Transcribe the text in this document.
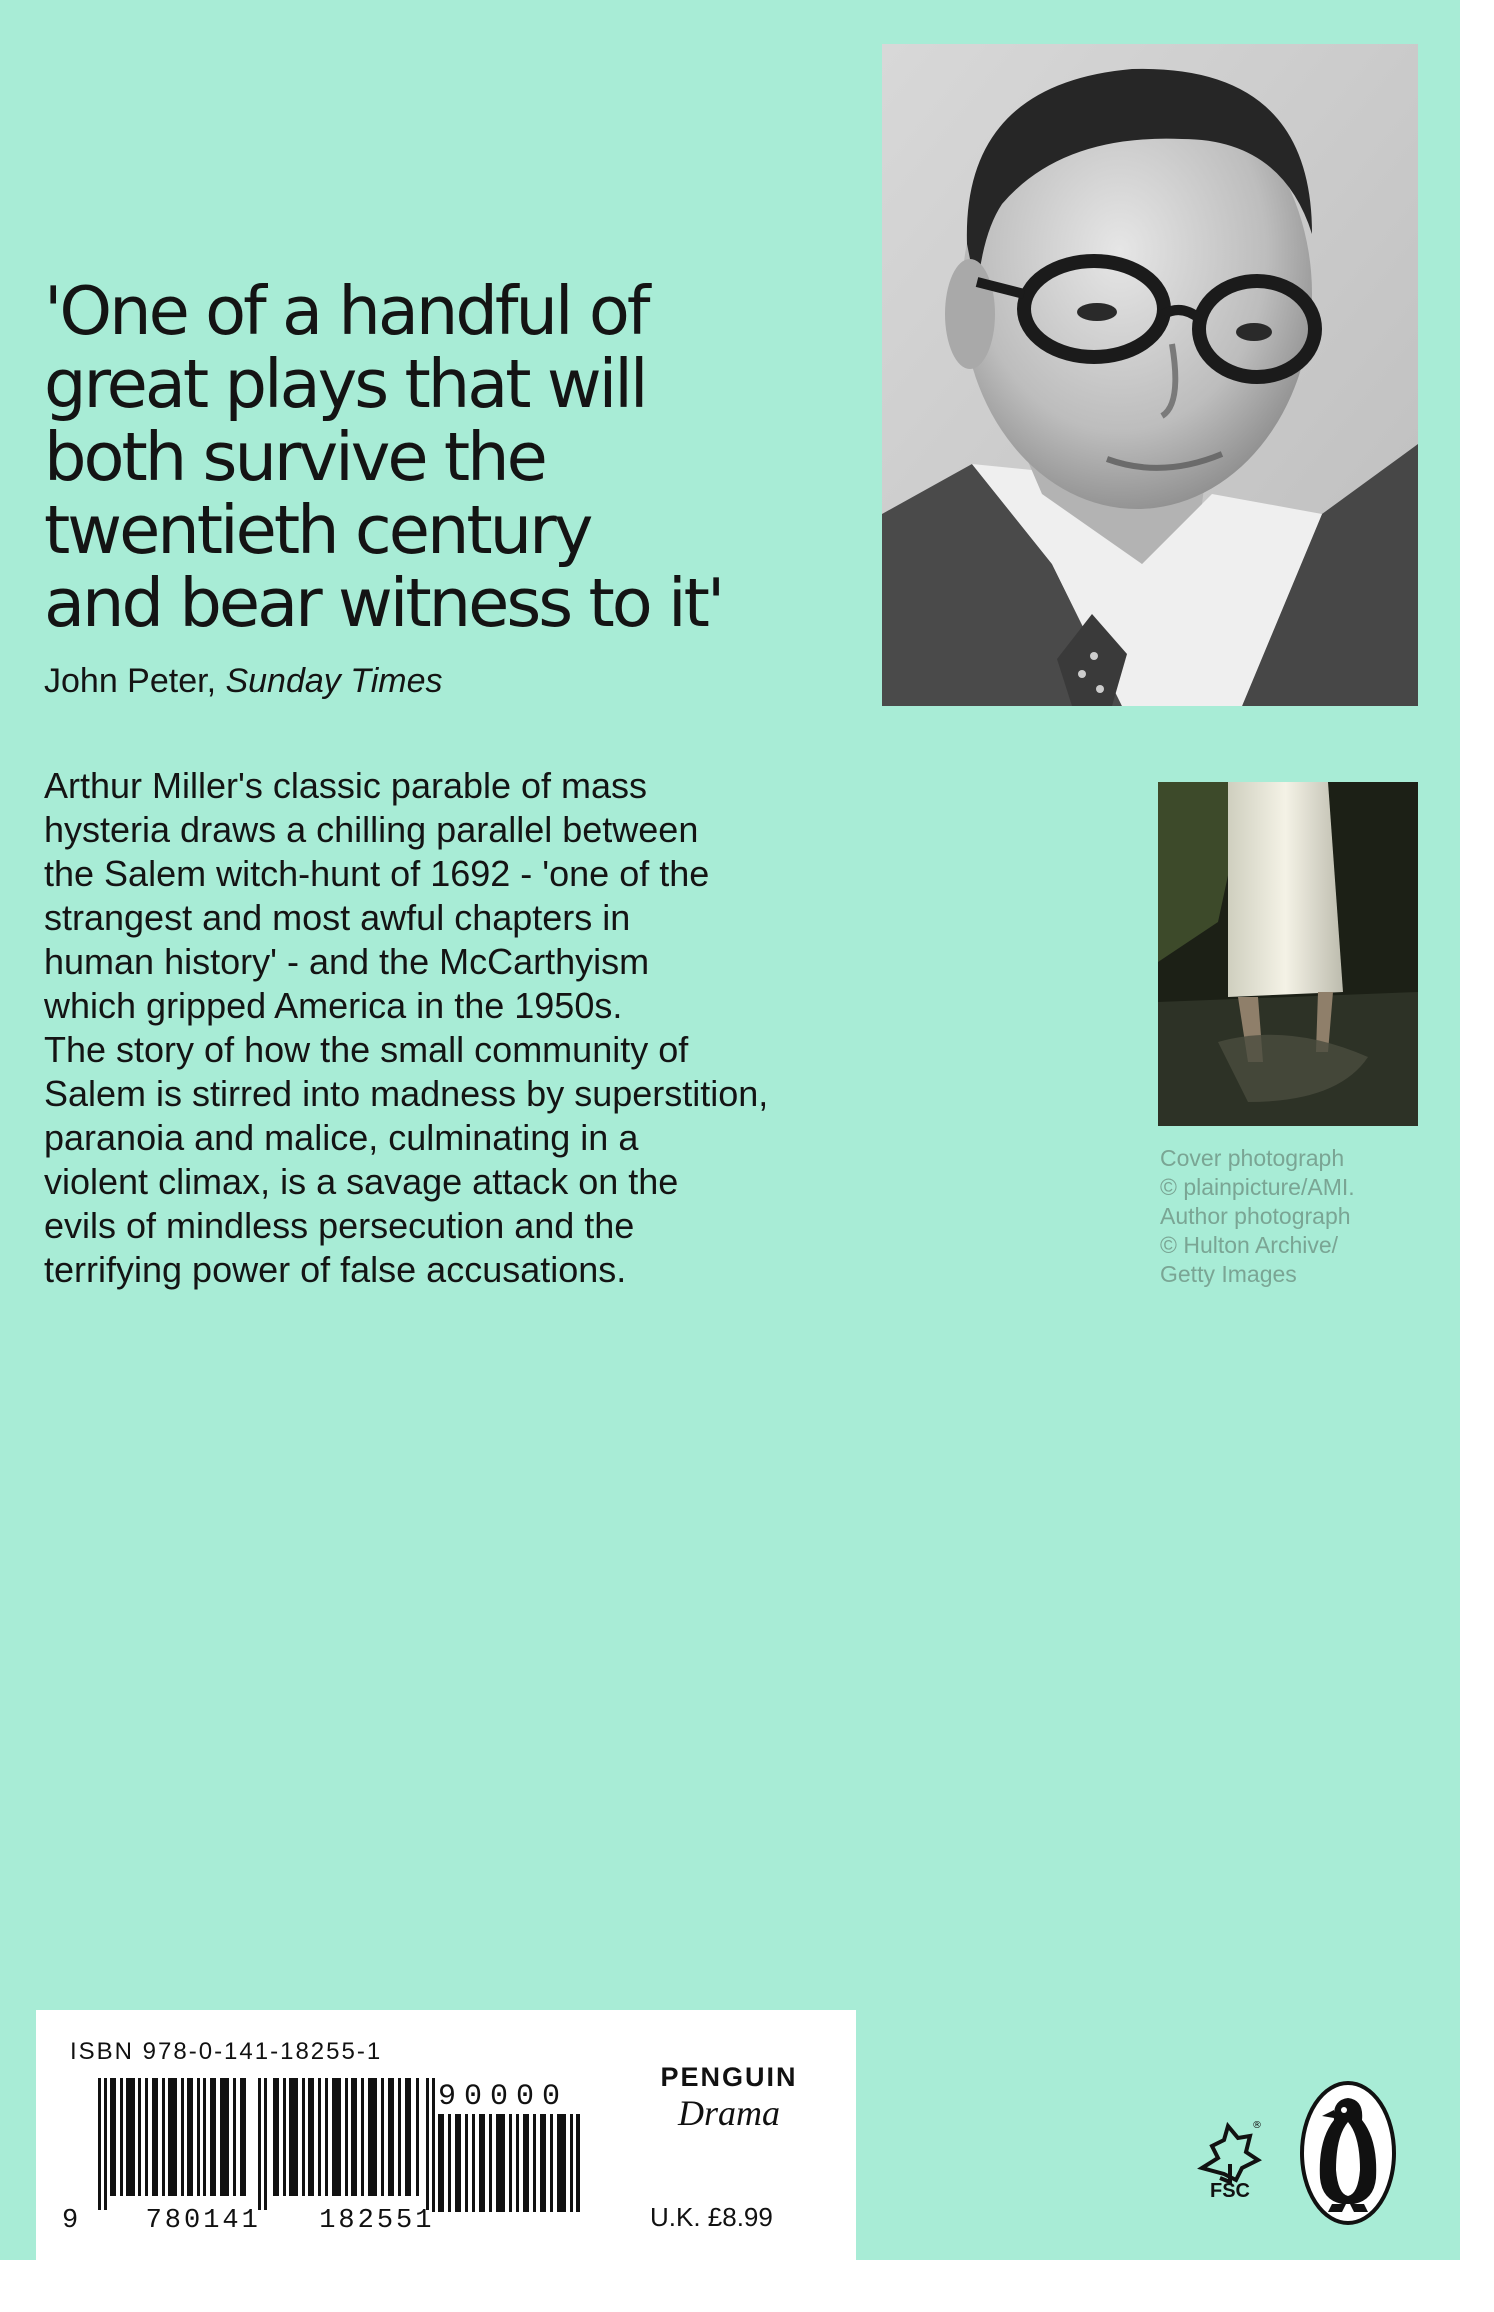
'One of a handful of
great plays that will
both survive the
twentieth century
and bear witness to it'
John Peter, Sunday Times

Arthur Miller's classic parable of mass

hysteria draws a chilling parallel between

the Salem witch-hunt of 1692 - 'one of the

strangest and most awful chapters in

human history' - and the McCarthyism

which gripped America in the 1950s.

The story of how the small community of

Salem is stirred into madness by superstition,

paranoia and malice, culminating in a

violent climax, is a savage attack on the

evils of mindless persecution and the

terrifying power of false accusations.

Cover photograph
© plainpicture/AMI.
Author photograph
© Hulton Archive/
Getty Images
ISBN 978-0-141-18255-1
90000
9 780141 182551
PENGUIN
Drama
U.K. £8.99
®
FSC
